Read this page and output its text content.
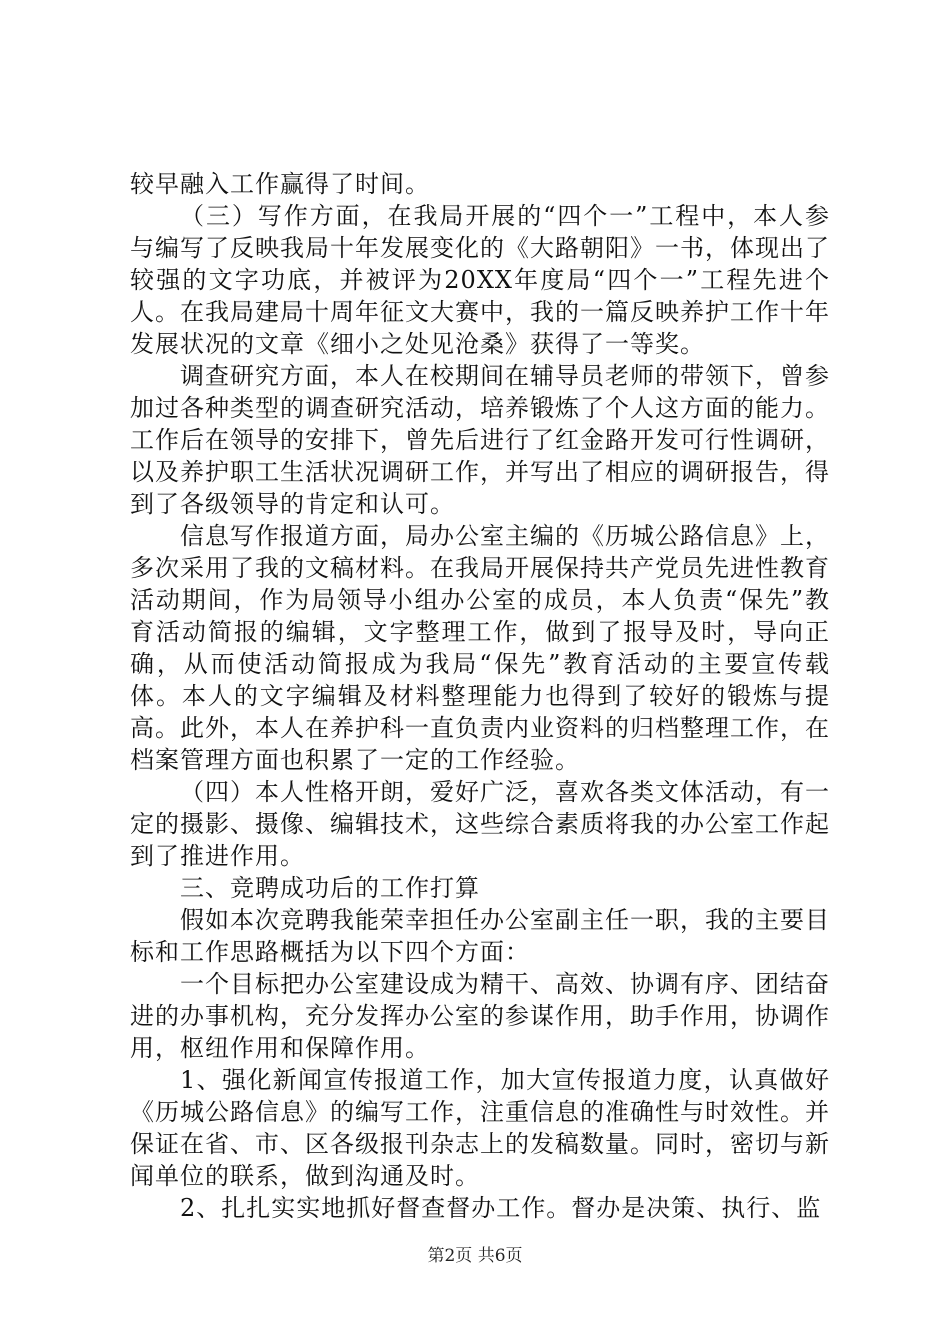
较早融入工作赢得了时间。

（三）写作方面，在我局开展的“四个一”工程中，本人参与编写了反映我局十年发展变化的《大路朝阳》一书，体现出了较强的文字功底，并被评为20XX年度局“四个一”工程先进个人。在我局建局十周年征文大赛中，我的一篇反映养护工作十年发展状况的文章《细小之处见沧桑》获得了一等奖。

调查研究方面，本人在校期间在辅导员老师的带领下，曾参加过各种类型的调查研究活动，培养锻炼了个人这方面的能力。工作后在领导的安排下，曾先后进行了红金路开发可行性调研，以及养护职工生活状况调研工作，并写出了相应的调研报告，得到了各级领导的肯定和认可。

信息写作报道方面，局办公室主编的《历城公路信息》上，多次采用了我的文稿材料。在我局开展保持共产党员先进性教育活动期间，作为局领导小组办公室的成员，本人负责“保先”教育活动简报的编辑，文字整理工作，做到了报导及时，导向正确，从而使活动简报成为我局“保先”教育活动的主要宣传载体。本人的文字编辑及材料整理能力也得到了较好的锻炼与提高。此外，本人在养护科一直负责内业资料的归档整理工作，在档案管理方面也积累了一定的工作经验。

（四）本人性格开朗，爱好广泛，喜欢各类文体活动，有一定的摄影、摄像、编辑技术，这些综合素质将我的办公室工作起到了推进作用。

三、竞聘成功后的工作打算

假如本次竞聘我能荣幸担任办公室副主任一职，我的主要目标和工作思路概括为以下四个方面：

一个目标把办公室建设成为精干、高效、协调有序、团结奋进的办事机构，充分发挥办公室的参谋作用，助手作用，协调作用，枢纽作用和保障作用。

1、强化新闻宣传报道工作，加大宣传报道力度，认真做好《历城公路信息》的编写工作，注重信息的准确性与时效性。并保证在省、市、区各级报刊杂志上的发稿数量。同时，密切与新闻单位的联系，做到沟通及时。

2、扎扎实实地抓好督查督办工作。督办是决策、执行、监

第2页 共6页
